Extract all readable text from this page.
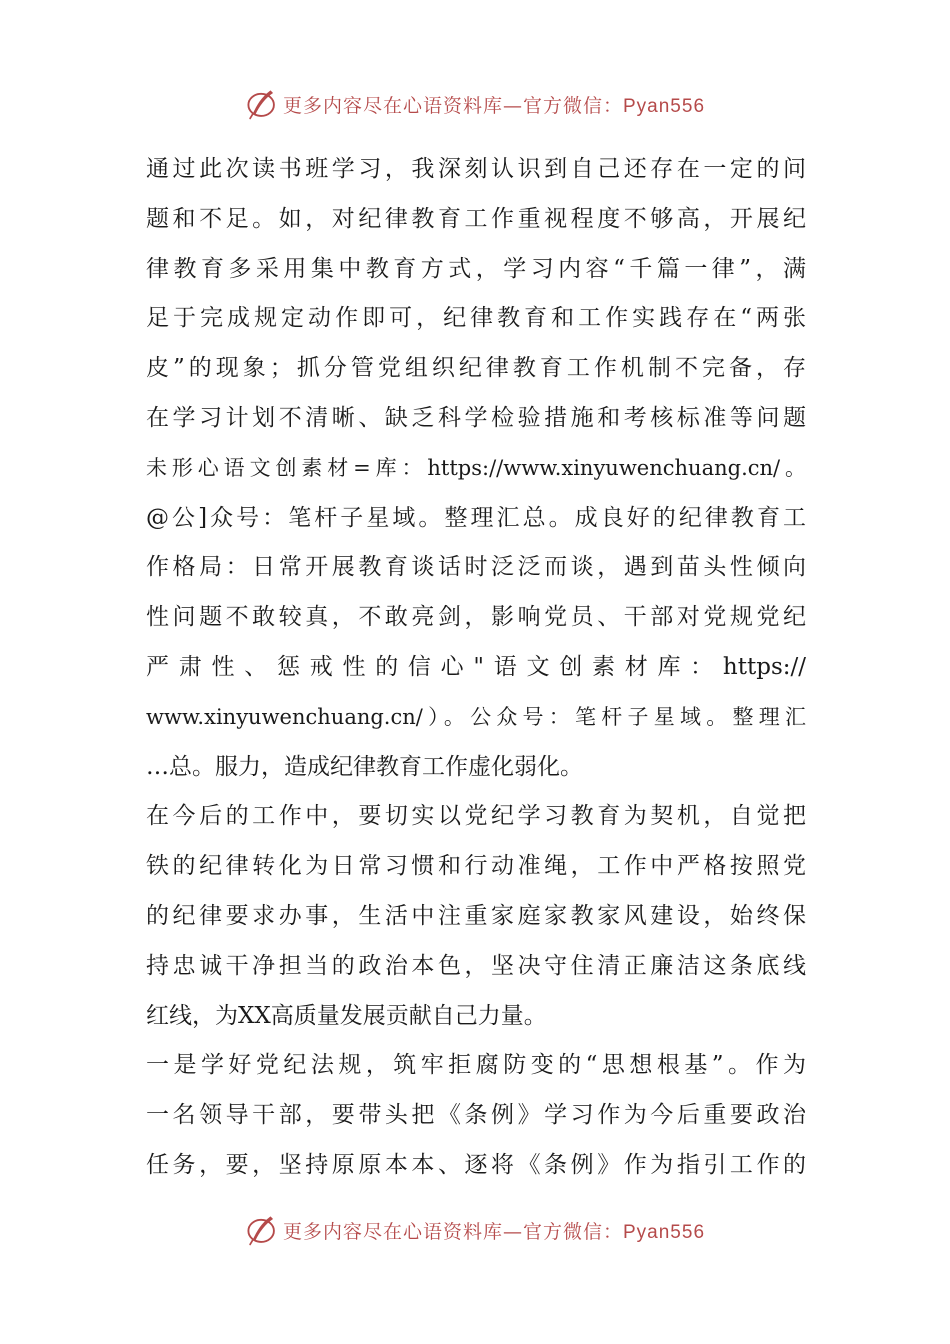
更多内容尽在心语资料库—官方微信：Pyan556
通过此次读书班学习，我深刻认识到自己还存在一定的问
题和不足。如，对纪律教育工作重视程度不够高，开展纪
律教育多采用集中教育方式，学习内容“千篇一律”，满
足于完成规定动作即可，纪律教育和工作实践存在“两张
皮”的现象；抓分管党组织纪律教育工作机制不完备，存
在学习计划不清晰、缺乏科学检验措施和考核标准等问题
未形心语文创素材=库：https://www.xinyuwenchuang.cn/。
@公]众号：笔杆子星域。整理汇总。成良好的纪律教育工
作格局：日常开展教育谈话时泛泛而谈，遇到苗头性倾向
性问题不敢较真，不敢亮剑，影响党员、干部对党规党纪
严肃性、惩戒性的信心"语文创素材库：https://
www.xinyuwenchuang.cn/）。公众号：笔杆子星域。整理汇
…总。服力，造成纪律教育工作虚化弱化。
在今后的工作中，要切实以党纪学习教育为契机，自觉把
铁的纪律转化为日常习惯和行动准绳，工作中严格按照党
的纪律要求办事，生活中注重家庭家教家风建设，始终保
持忠诚干净担当的政治本色，坚决守住清正廉洁这条底线
红线，为XX高质量发展贡献自己力量。
一是学好党纪法规，筑牢拒腐防变的“思想根基”。作为
一名领导干部，要带头把《条例》学习作为今后重要政治
任务，要，坚持原原本本、逐将《条例》作为指引工作的
更多内容尽在心语资料库—官方微信：Pyan556
